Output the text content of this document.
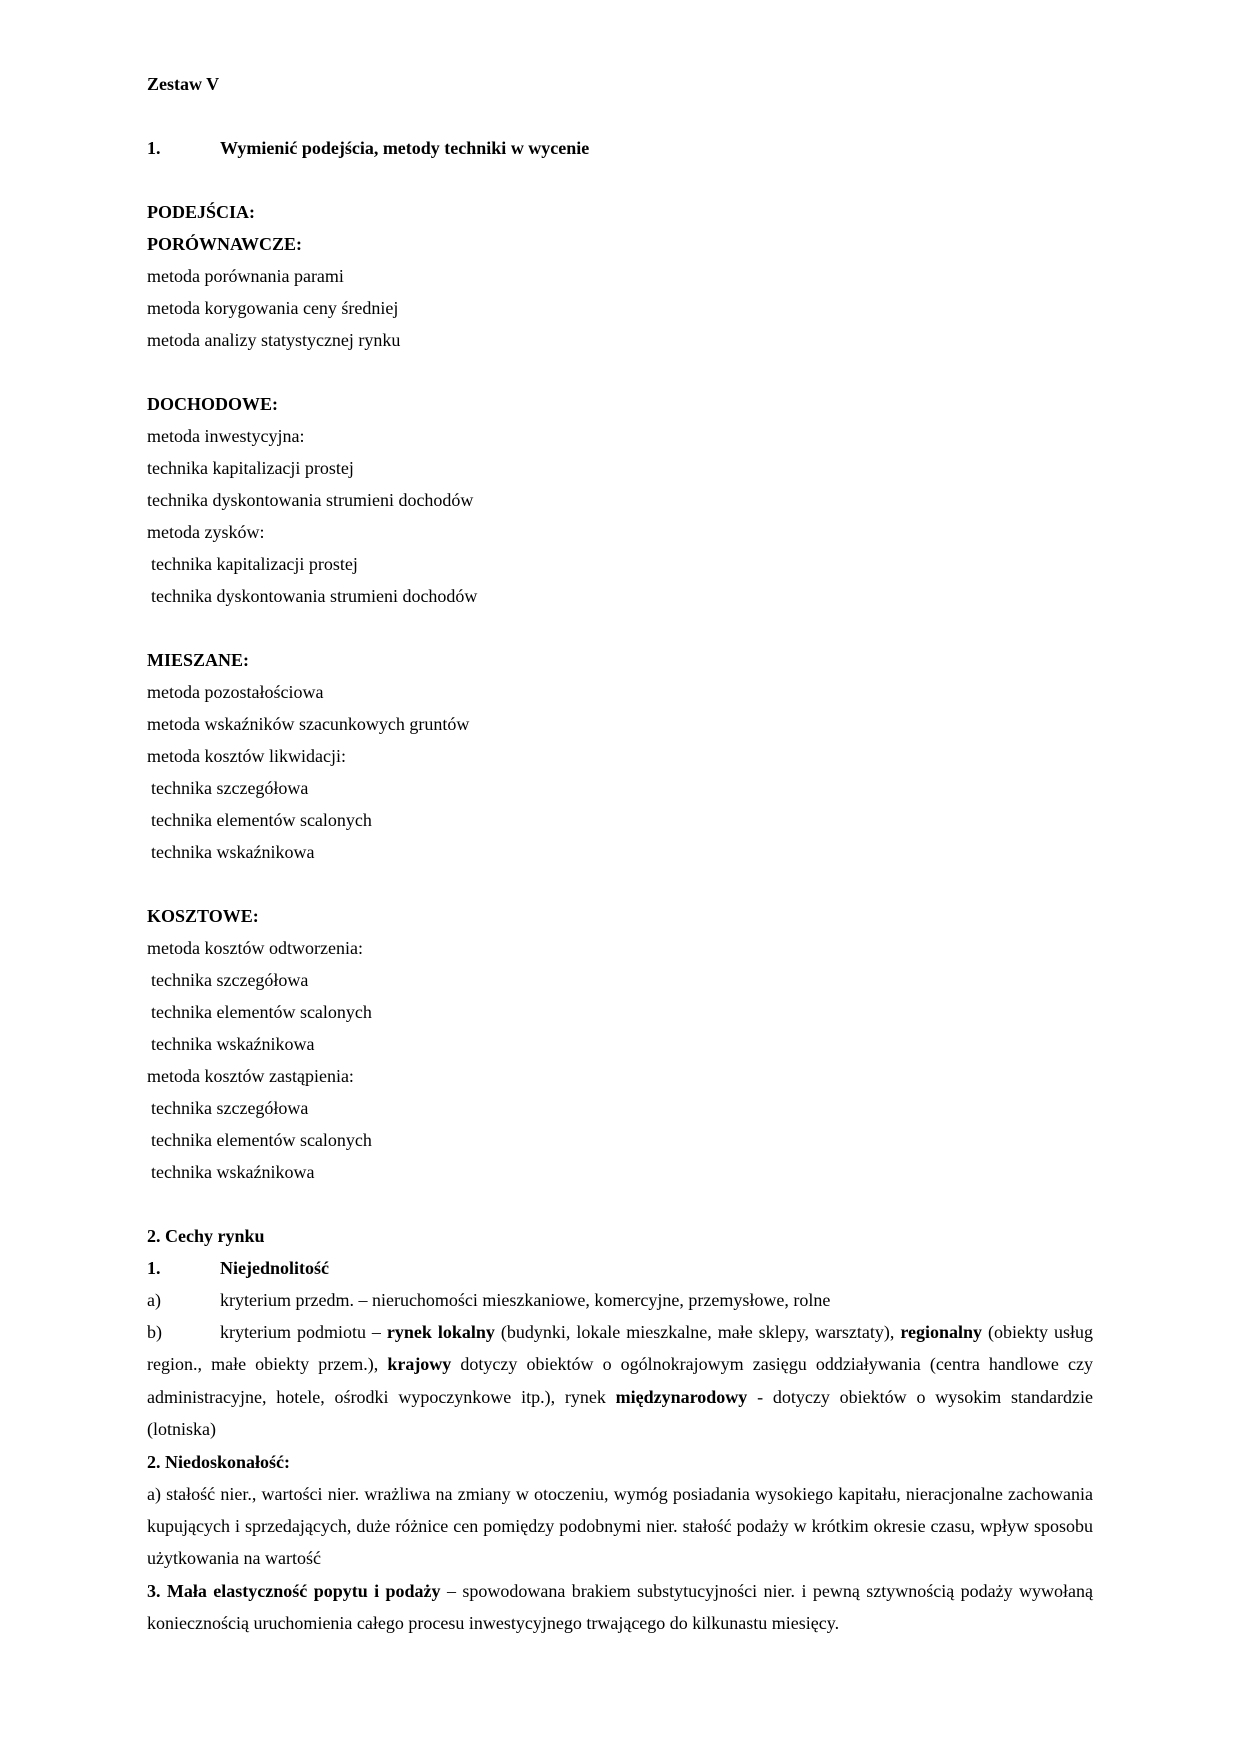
Zestaw V
1.	Wymienić podejścia, metody techniki w wycenie
PODEJŚCIA:
PORÓWNAWCZE:
metoda porównania parami
metoda korygowania ceny średniej
metoda analizy statystycznej rynku
DOCHODOWE:
metoda inwestycyjna:
technika kapitalizacji prostej
technika dyskontowania strumieni dochodów
metoda zysków:
technika kapitalizacji prostej
technika dyskontowania strumieni dochodów
MIESZANE:
metoda pozostałościowa
metoda wskaźników szacunkowych gruntów
metoda kosztów likwidacji:
technika szczegółowa
technika elementów scalonych
technika wskaźnikowa
KOSZTOWE:
metoda kosztów odtworzenia:
technika szczegółowa
technika elementów scalonych
technika wskaźnikowa
metoda kosztów zastąpienia:
technika szczegółowa
technika elementów scalonych
technika wskaźnikowa
2. Cechy rynku
1.	Niejednolitość
a)	kryterium przedm. – nieruchomości mieszkaniowe, komercyjne, przemysłowe, rolne
b)	kryterium podmiotu – rynek lokalny (budynki, lokale mieszkalne, małe sklepy, warsztaty), regionalny (obiekty usług region., małe obiekty przem.), krajowy dotyczy obiektów o ogólnokrajowym zasięgu oddziaływania (centra handlowe czy administracyjne, hotele, ośrodki wypoczynkowe itp.), rynek międzynarodowy - dotyczy obiektów o wysokim standardzie (lotniska)
2. Niedoskonałość:
a) stałość nier., wartości nier. wrażliwa na zmiany w otoczeniu, wymóg posiadania wysokiego kapitału, nieracjonalne zachowania kupujących i sprzedających, duże różnice cen pomiędzy podobnymi nier. stałość podaży w krótkim okresie czasu, wpływ sposobu użytkowania na wartość
3. Mała elastyczność popytu i podaży – spowodowana brakiem substytucyjności nier. i pewną sztywnością podaży wywołaną koniecznością uruchomienia całego procesu inwestycyjnego trwającego do kilkunastu miesięcy.
